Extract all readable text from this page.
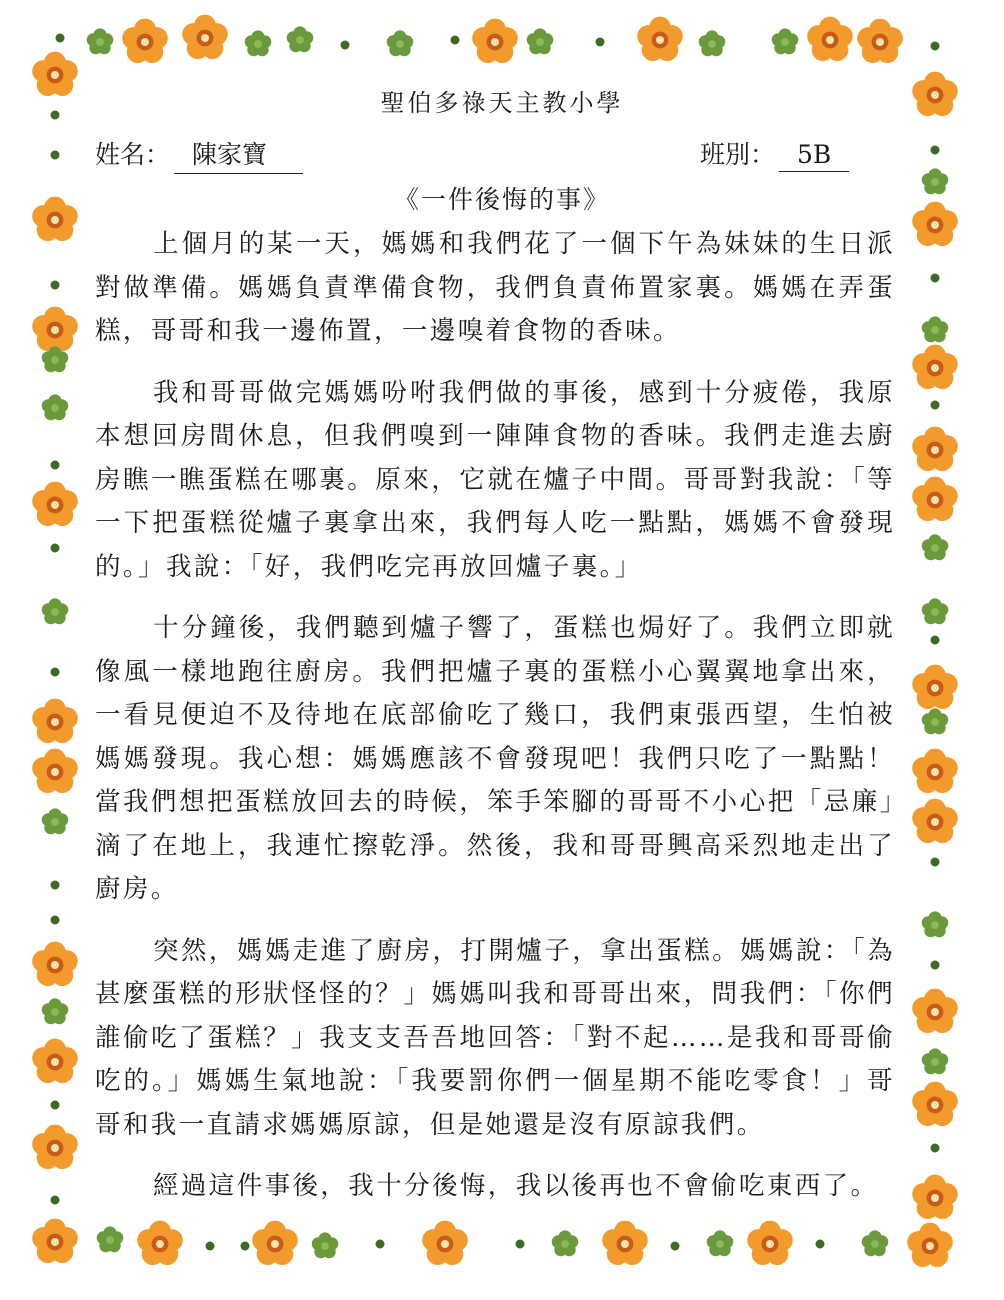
聖伯多祿天主教小學
姓名： 陳家寶	班別： 5B
《一件後悔的事》

上個月的某一天，媽媽和我們花了一個下午為妹妹的生日派對做準備。媽媽負責準備食物，我們負責佈置家裏。媽媽在弄蛋糕，哥哥和我一邊佈置，一邊嗅着食物的香味。

我和哥哥做完媽媽吩咐我們做的事後，感到十分疲倦，我原本想回房間休息，但我們嗅到一陣陣食物的香味。我們走進去廚房瞧一瞧蛋糕在哪裏。原來，它就在爐子中間。哥哥對我說：「等一下把蛋糕從爐子裏拿出來，我們每人吃一點點，媽媽不會發現的。」我說：「好，我們吃完再放回爐子裏。」

十分鐘後，我們聽到爐子響了，蛋糕也焗好了。我們立即就像風一樣地跑往廚房。我們把爐子裏的蛋糕小心翼翼地拿出來，一看見便迫不及待地在底部偷吃了幾口，我們東張西望，生怕被媽媽發現。我心想：媽媽應該不會發現吧！我們只吃了一點點！當我們想把蛋糕放回去的時候，笨手笨腳的哥哥不小心把「忌廉」滴了在地上，我連忙擦乾淨。然後，我和哥哥興高采烈地走出了廚房。

突然，媽媽走進了廚房，打開爐子，拿出蛋糕。媽媽說：「為甚麼蛋糕的形狀怪怪的？」媽媽叫我和哥哥出來，問我們：「你們誰偷吃了蛋糕？」我支支吾吾地回答：「對不起……是我和哥哥偷吃的。」媽媽生氣地說：「我要罰你們一個星期不能吃零食！」哥哥和我一直請求媽媽原諒，但是她還是沒有原諒我們。

經過這件事後，我十分後悔，我以後再也不會偷吃東西了。
